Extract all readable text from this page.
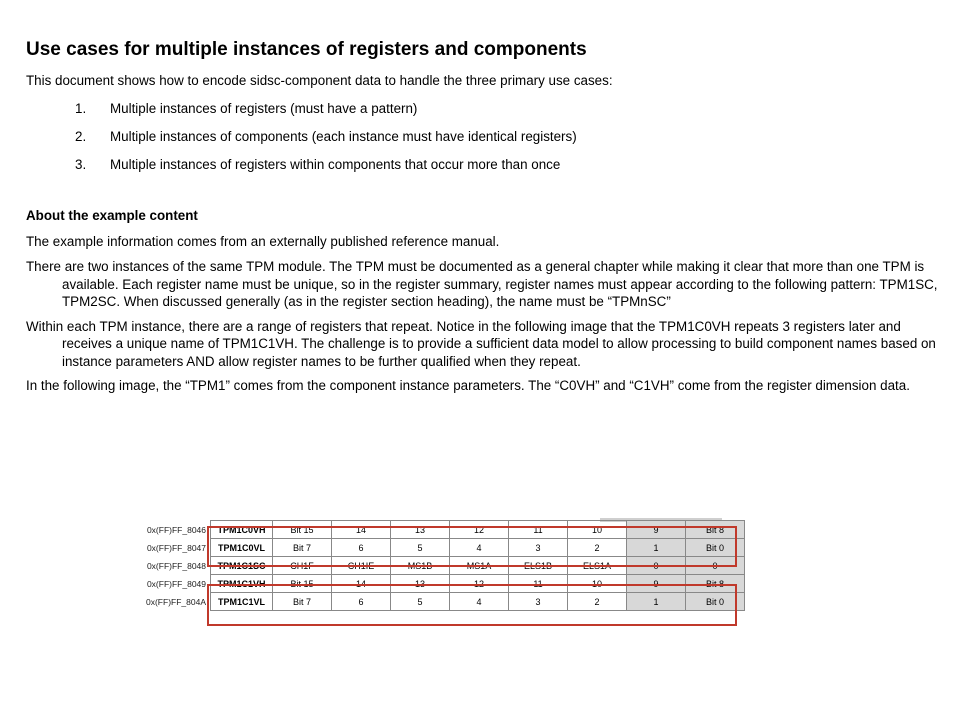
Use cases for multiple instances of registers and components

This document shows how to encode sidsc-component data to handle the three primary use cases:

1.	Multiple instances of registers (must have a pattern)
2.	Multiple instances of components (each instance must have identical registers)
3.	Multiple instances of registers within components that occur more than once
About the example content

The example information comes from an externally published reference manual.

There are two instances of the same TPM module. The TPM must be documented as a general chapter while making it clear that more than one TPM is available. Each register name must be unique, so in the register summary, register names must appear according to the following pattern: TPM1SC, TPM2SC. When discussed generally (as in the register section heading), the name must be “TPMnSC”

Within each TPM instance, there are a range of registers that repeat. Notice in the following image that the TPM1C0VH repeats 3 registers later and receives a unique name of TPM1C1VH. The challenge is to provide a sufficient data model to allow processing to build component names based on instance parameters AND allow register names to be further qualified when they repeat.

In the following image, the “TPM1” comes from the component instance parameters. The “C0VH” and “C1VH” come from the register dimension data.

0x(FF)FF_8046	TPM1C0VH	Bit 15	14	13	12	11	10	9	Bit 8
0x(FF)FF_8047	TPM1C0VL	Bit 7	6	5	4	3	2	1	Bit 0
0x(FF)FF_8048	TPM1C1SC	CH1F	CH1IE	MS1B	MS1A	ELS1B	ELS1A	0	0
0x(FF)FF_8049	TPM1C1VH	Bit 15	14	13	12	11	10	9	Bit 8
0x(FF)FF_804A	TPM1C1VL	Bit 7	6	5	4	3	2	1	Bit 0
